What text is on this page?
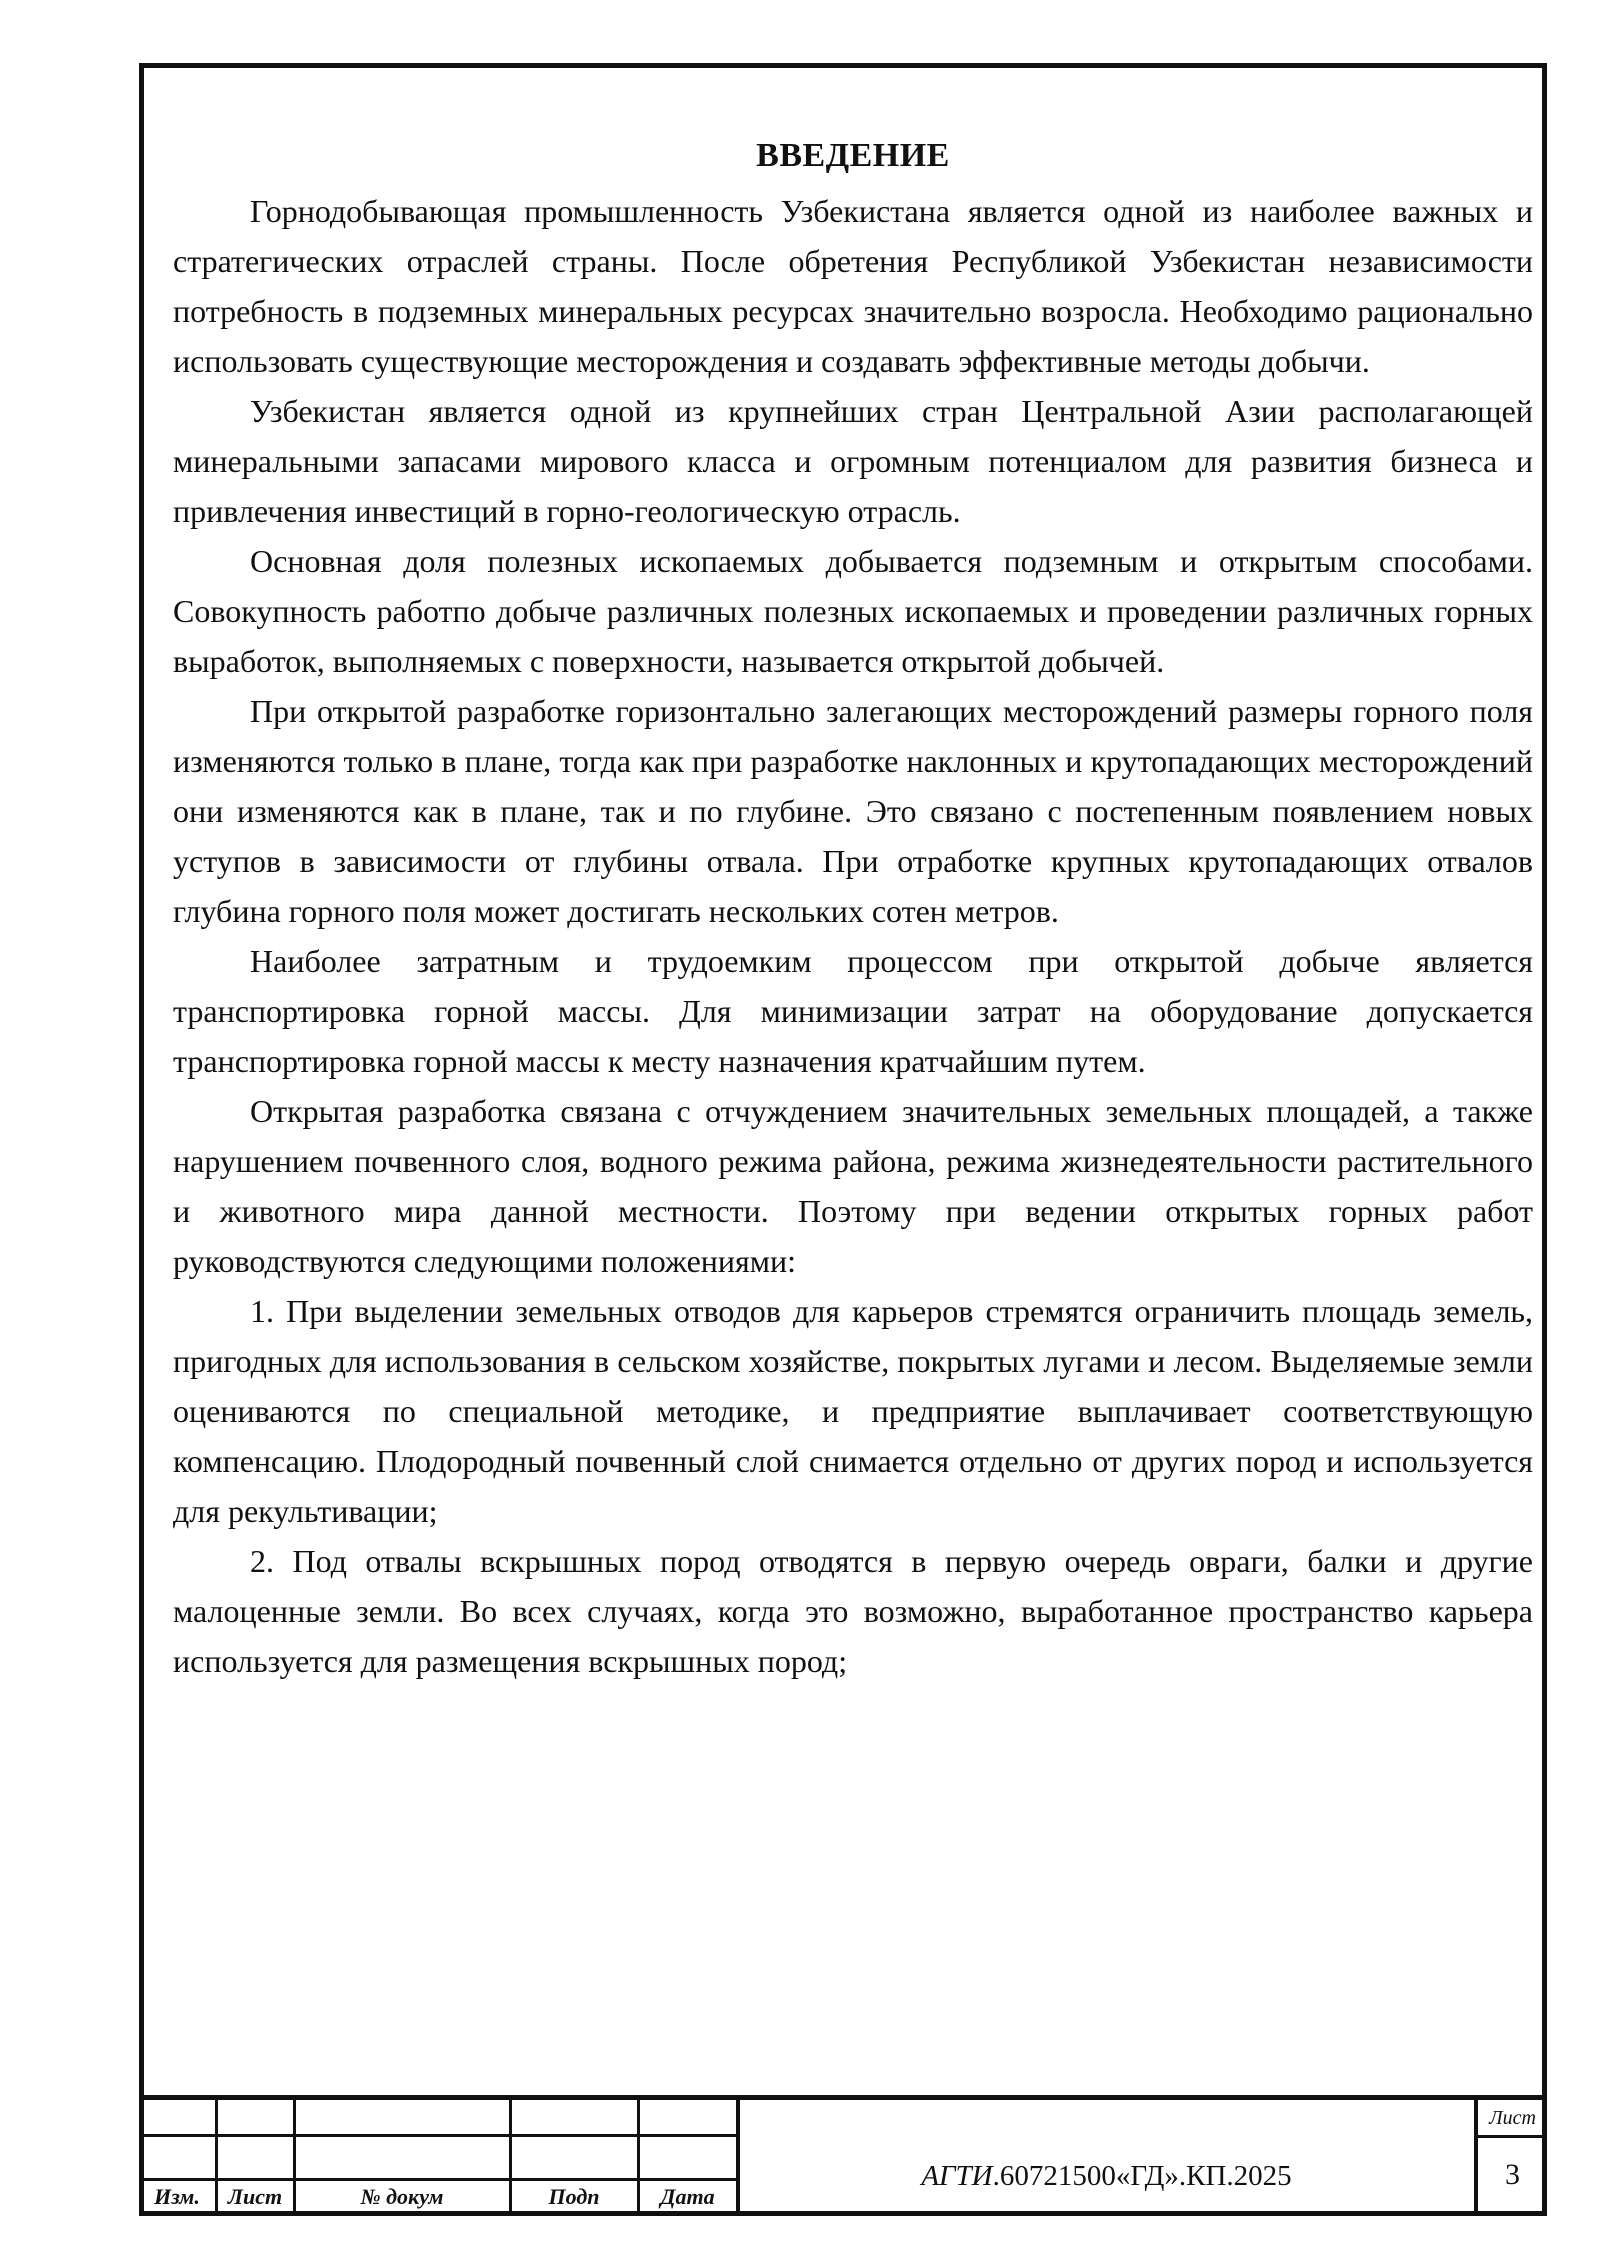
ВВЕДЕНИЕ

Горнодобывающая промышленность Узбекистана является одной из наиболее важных и стратегических отраслей страны. После обретения Республикой Узбекистан независимости потребность в подземных минеральных ресурсах значительно возросла. Необходимо рационально использовать существующие месторождения и создавать эффективные методы добычи.

Узбекистан является одной из крупнейших стран Центральной Азии располагающей минеральными запасами мирового класса и огромным потенциалом для развития бизнеса и привлечения инвестиций в горно-геологическую отрасль.

Основная доля полезных ископаемых добывается подземным и открытым способами. Совокупность работпо добыче различных полезных ископаемых и проведении различных горных выработок, выполняемых с поверхности, называется открытой добычей.

При открытой разработке горизонтально залегающих месторождений размеры горного поля изменяются только в плане, тогда как при разработке наклонных и крутопадающих месторождений они изменяются как в плане, так и по глубине. Это связано с постепенным появлением новых уступов в зависимости от глубины отвала. При отработке крупных крутопадающих отвалов глубина горного поля может достигать нескольких сотен метров.

Наиболее затратным и трудоемким процессом при открытой добыче является транспортировка горной массы. Для минимизации затрат на оборудование допускается транспортировка горной массы к месту назначения кратчайшим путем.

Открытая разработка связана с отчуждением значительных земельных площадей, а также нарушением почвенного слоя, водного режима района, режима жизнедеятельности растительного и животного мира данной местности. Поэтому при ведении открытых горных работ руководствуются следующими положениями:

1. При выделении земельных отводов для карьеров стремятся ограничить площадь земель, пригодных для использования в сельском хозяйстве, покрытых лугами и лесом. Выделяемые земли оцениваются по специальной методике, и предприятие выплачивает соответствующую компенсацию. Плодородный почвенный слой снимается отдельно от других пород и используется для рекультивации;

2. Под отвалы вскрышных пород отводятся в первую очередь овраги, балки и другие малоценные земли. Во всех случаях, когда это возможно, выработанное пространство карьера используется для размещения вскрышных пород;

Изм.	Лист	№ докум	Подп	Дата
АГТИ .60721500«ГД».КП.2025
Лист
3
